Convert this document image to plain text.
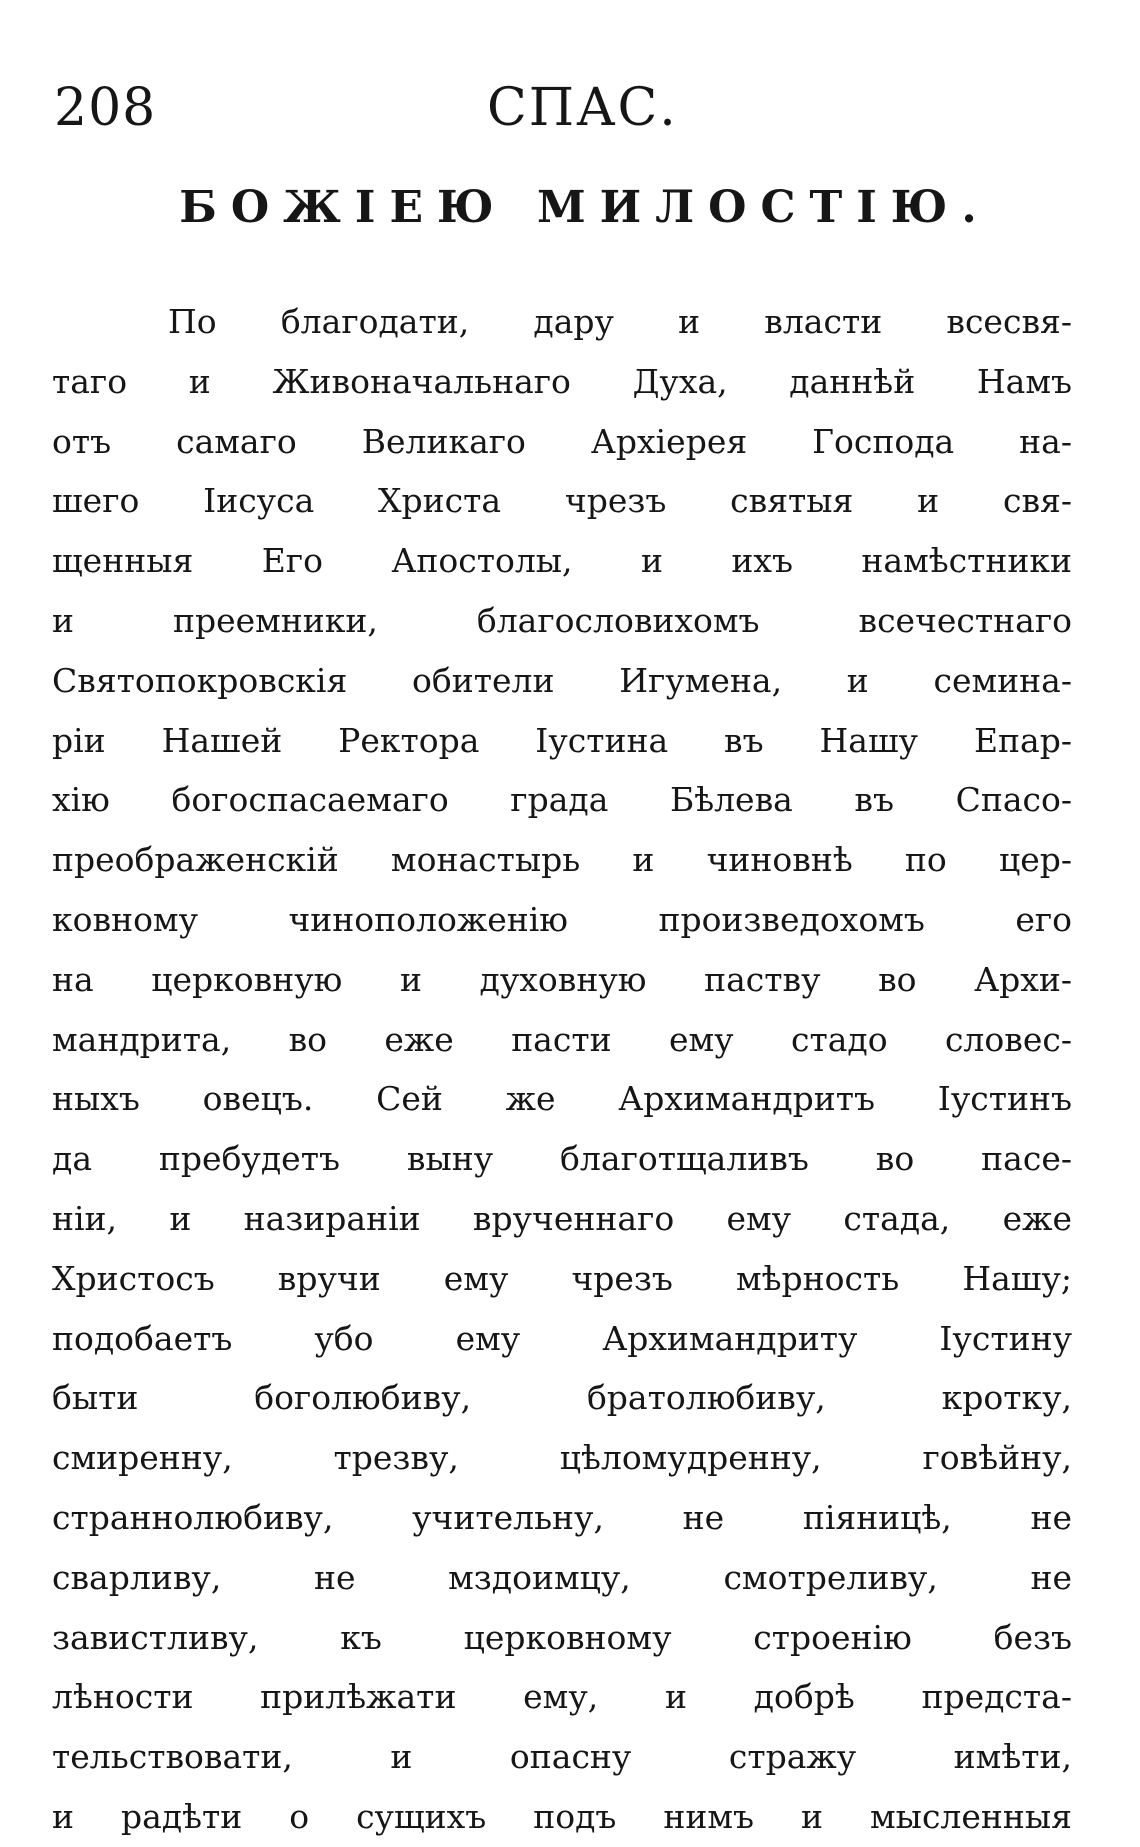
208	СПАС.
БОЖІЕЮ МИЛОСТІЮ.
По благодати, дару и власти всесвя-
таго и Живоначальнаго Духа, даннѣй Намъ
отъ самаго Великаго Архіерея Господа на-
шего Іисуса Христа чрезъ святыя и свя-
щенныя Его Апостолы, и ихъ намѣстники
и преемники, благословихомъ всечестнаго
Святопокровскія обители Игумена, и семина-
ріи Нашей Ректора Іустина въ Нашу Епар-
хію богоспасаемаго града Бѣлева въ Спасо-
преображенскій монастырь и чиновнѣ по цер-
ковному чиноположенію произведохомъ его
на церковную и духовную паству во Архи-
мандрита, во еже пасти ему стадо словес-
ныхъ овецъ. Сей же Архимандритъ Іустинъ
да пребудетъ выну благотщаливъ во пасе-
ніи, и назираніи врученнаго ему стада, еже
Христосъ вручи ему чрезъ мѣрность Нашу;
подобаетъ убо ему Архимандриту Іустину
быти боголюбиву, братолюбиву, кротку,
смиренну, трезву, цѣломудренну, говѣйну,
страннолюбиву, учительну, не піяницѣ, не
сварливу, не мздоимцу, смотреливу, не
завистливу, къ церковному строенію безъ
лѣности прилѣжати ему, и добрѣ предста-
тельствовати, и опасну стражу имѣти,
и радѣти о сущихъ подъ нимъ и мысленныя
